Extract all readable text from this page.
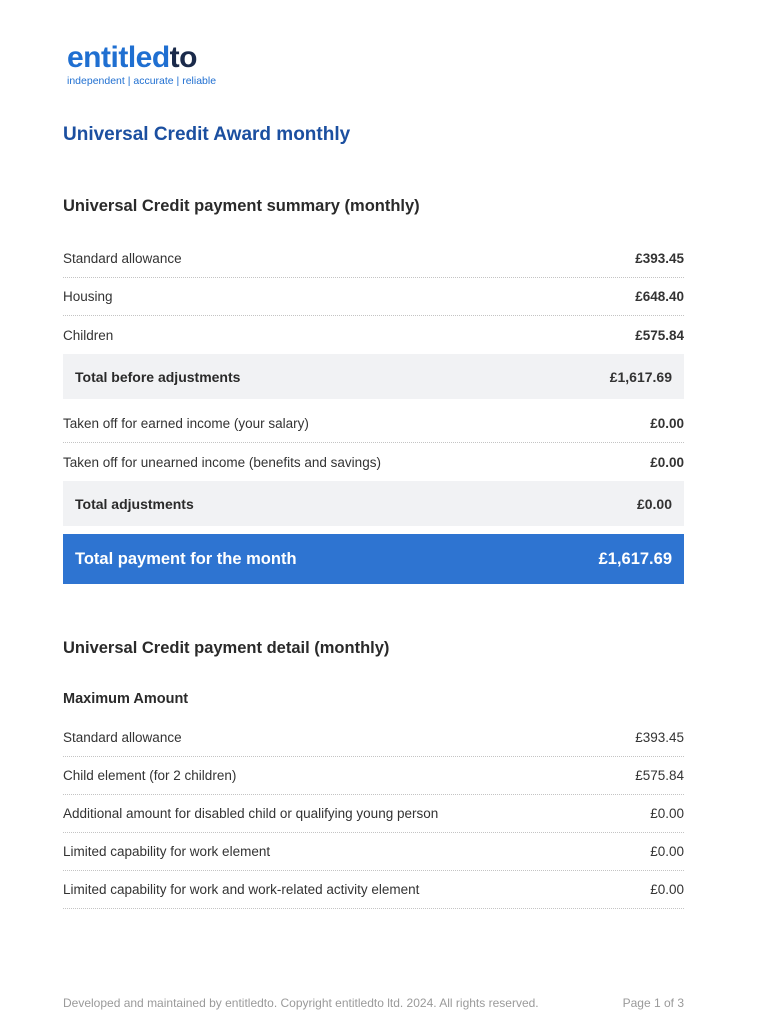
entitledto
independent | accurate | reliable
Universal Credit Award monthly
Universal Credit payment summary (monthly)
Standard allowance	£393.45
Housing	£648.40
Children	£575.84
Total before adjustments	£1,617.69
Taken off for earned income (your salary)	£0.00
Taken off for unearned income (benefits and savings)	£0.00
Total adjustments	£0.00
Total payment for the month	£1,617.69
Universal Credit payment detail (monthly)
Maximum Amount
Standard allowance	£393.45
Child element (for 2 children)	£575.84
Additional amount for disabled child or qualifying young person	£0.00
Limited capability for work element	£0.00
Limited capability for work and work-related activity element	£0.00
Developed and maintained by entitledto. Copyright entitledto ltd. 2024. All rights reserved.	Page 1 of 3
